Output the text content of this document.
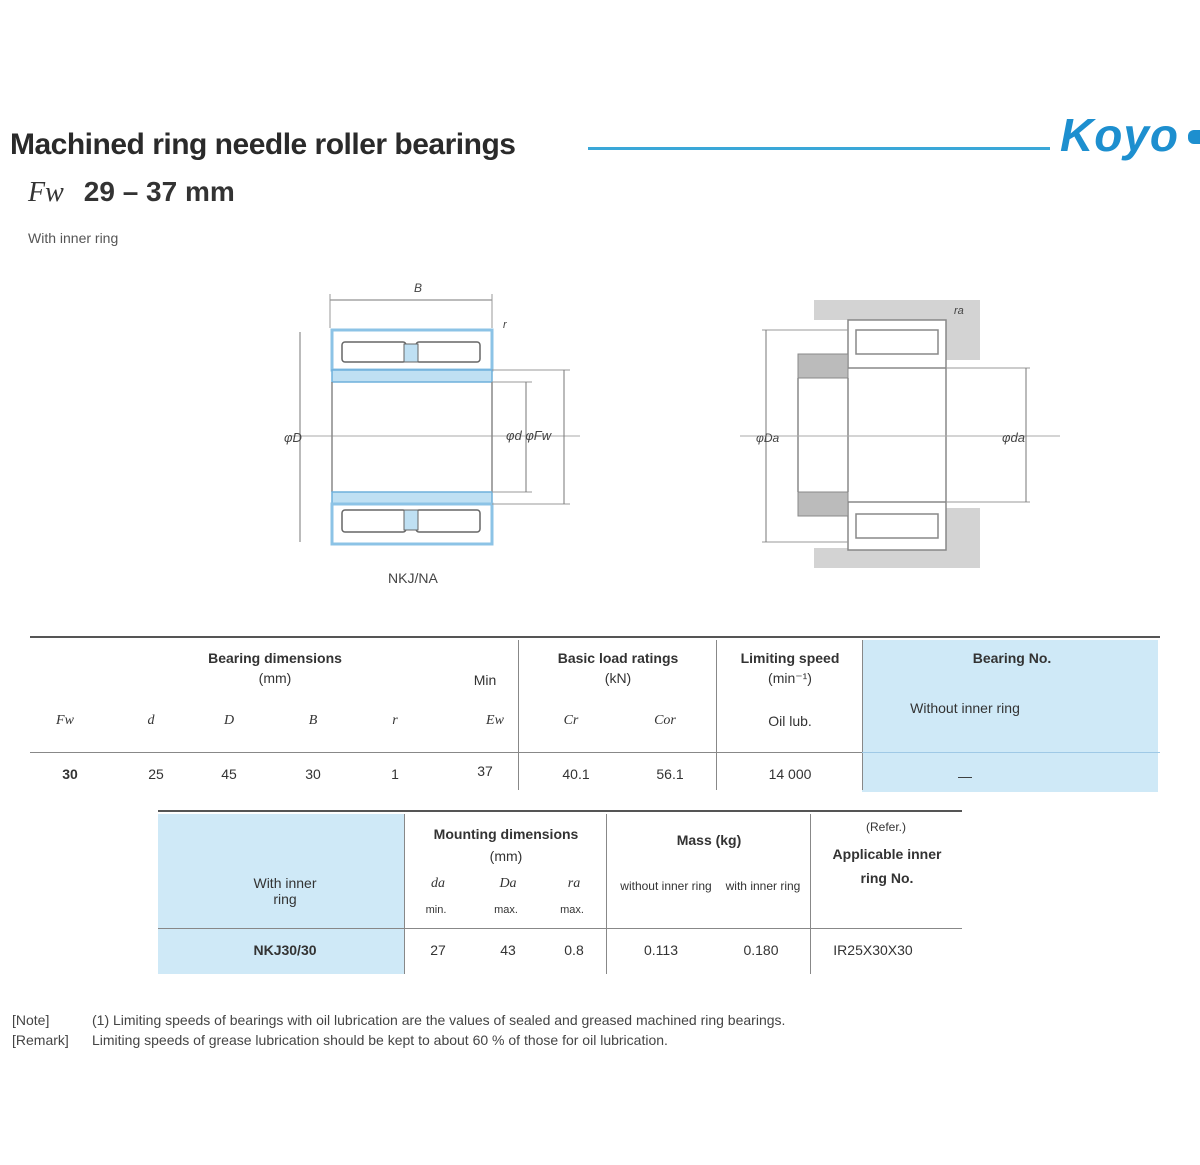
Machined ring needle roller bearings	Koyo
Fw 29 – 37 mm
With inner ring
B
r
φD	φd φFw
NKJ/NA
ra
φDa	φda
Bearing dimensions
(mm)
Basic load ratings
(kN)
Limiting speed
(min⁻¹)
Bearing No.
Min
Fw	d	D	B	r	Ew	Cr	Cor	Oil lub.
Without inner ring
30	25	45	30	1	37	40.1	56.1	14 000	—
With inner ring
Mounting dimensions
(mm)
da	Da	ra
min.	max.	max.
Mass (kg)
without inner ring	with inner ring
(Refer.)
Applicable inner ring No.
NKJ30/30	27	43	0.8	0.113	0.180	IR25X30X30
[Note]	(1) Limiting speeds of bearings with oil lubrication are the values of sealed and greased machined ring bearings.
[Remark] Limiting speeds of grease lubrication should be kept to about 60 % of those for oil lubrication.
